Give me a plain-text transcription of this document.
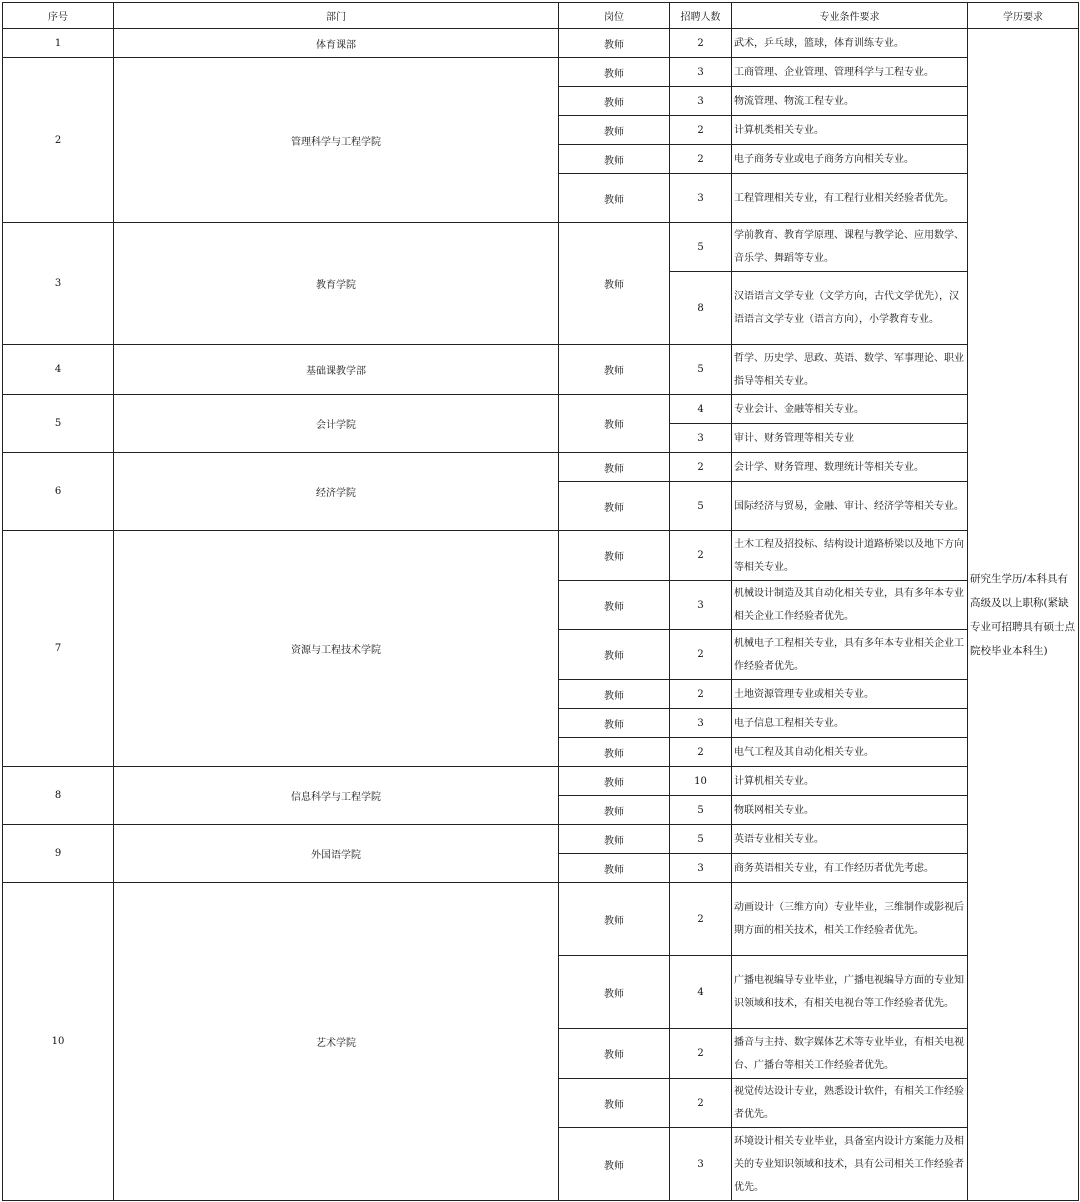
序号	部门	岗位	招聘人数	专业条件要求	学历要求
1	体育课部	教师	2	武术，乒乓球，篮球，体育训练专业。	研究生学历/本科具有高级及以上职称(紧缺专业可招聘具有硕士点院校毕业本科生)
2	管理科学与工程学院	教师	3	工商管理、企业管理、管理科学与工程专业。	
		教师	3	物流管理、物流工程专业。	
		教师	2	计算机类相关专业。	
		教师	2	电子商务专业或电子商务方向相关专业。	
		教师	3	工程管理相关专业，有工程行业相关经验者优先。	
3	教育学院	教师	5	学前教育、教育学原理、课程与教学论、应用数学、音乐学、舞蹈等专业。	
			8	汉语语言文学专业（文学方向，古代文学优先），汉语语言文学专业（语言方向），小学教育专业。	
4	基础课教学部	教师	5	哲学、历史学、思政、英语、数学、军事理论、职业指导等相关专业。	
5	会计学院	教师	4	专业会计、金融等相关专业。	
			3	审计、财务管理等相关专业	
6	经济学院	教师	2	会计学、财务管理、数理统计等相关专业。	
		教师	5	国际经济与贸易，金融、审计、经济学等相关专业。	
7	资源与工程技术学院	教师	2	土木工程及招投标、结构设计道路桥梁以及地下方向等相关专业。	
		教师	3	机械设计制造及其自动化相关专业，具有多年本专业相关企业工作经验者优先。	
		教师	2	机械电子工程相关专业，具有多年本专业相关企业工作经验者优先。	
		教师	2	土地资源管理专业或相关专业。	
		教师	3	电子信息工程相关专业。	
		教师	2	电气工程及其自动化相关专业。	
8	信息科学与工程学院	教师	10	计算机相关专业。	
		教师	5	物联网相关专业。	
9	外国语学院	教师	5	英语专业相关专业。	
		教师	3	商务英语相关专业，有工作经历者优先考虑。	
10	艺术学院	教师	2	动画设计（三维方向）专业毕业，三维制作或影视后期方面的相关技术，相关工作经验者优先。	
		教师	4	广播电视编导专业毕业，广播电视编导方面的专业知识领域和技术，有相关电视台等工作经验者优先。	
		教师	2	播音与主持、数字媒体艺术等专业毕业，有相关电视台、广播台等相关工作经验者优先。	
		教师	2	视觉传达设计专业，熟悉设计软件，有相关工作经验者优先。	
		教师	3	环境设计相关专业毕业，具备室内设计方案能力及相关的专业知识领域和技术，具有公司相关工作经验者优先。	
